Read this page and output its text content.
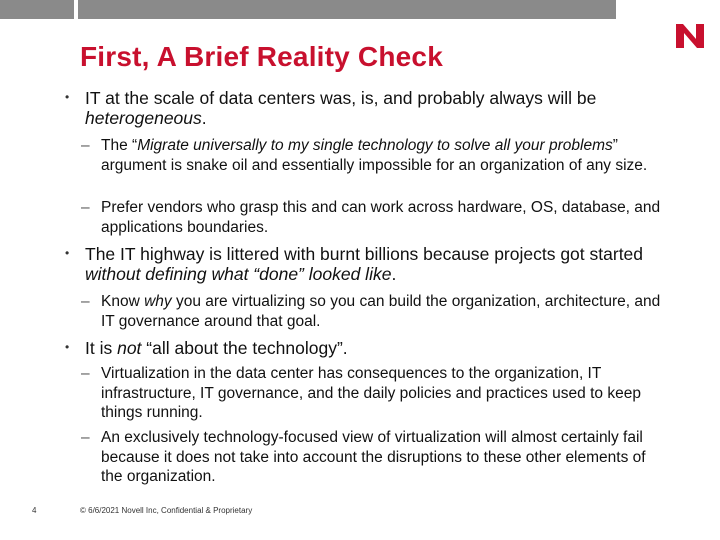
First, A Brief Reality Check
• IT at the scale of data centers was, is, and probably always will be heterogeneous.
– The “Migrate universally to my single technology to solve all your problems” argument is snake oil and essentially impossible for an organization of any size.
– Prefer vendors who grasp this and can work across hardware, OS, database, and applications boundaries.
• The IT highway is littered with burnt billions because projects got started without defining what “done” looked like.
– Know why you are virtualizing so you can build the organization, architecture, and IT governance around that goal.
• It is not “all about the technology”.
– Virtualization in the data center has consequences to the organization, IT infrastructure, IT governance, and the daily policies and practices used to keep things running.
– An exclusively technology-focused view of virtualization will almost certainly fail because it does not take into account the disruptions to these other elements of the organization.
4	© 6/6/2021 Novell Inc, Confidential & Proprietary
